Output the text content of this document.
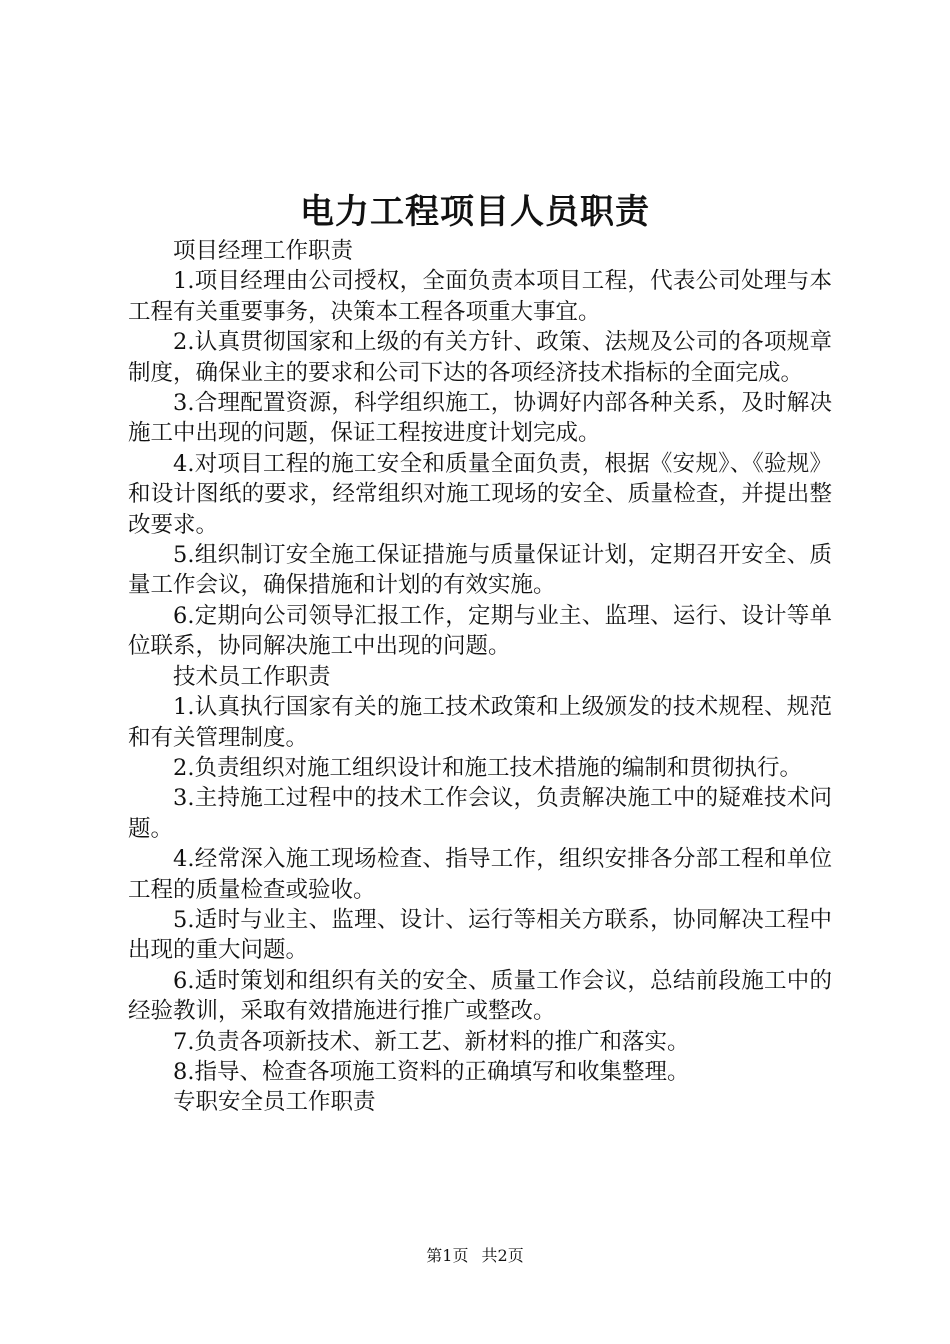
电力工程项目人员职责

项目经理工作职责

1.项目经理由公司授权，全面负责本项目工程，代表公司处理与本工程有关重要事务，决策本工程各项重大事宜。

2.认真贯彻国家和上级的有关方针、政策、法规及公司的各项规章制度，确保业主的要求和公司下达的各项经济技术指标的全面完成。

3.合理配置资源，科学组织施工，协调好内部各种关系，及时解决施工中出现的问题，保证工程按进度计划完成。

4.对项目工程的施工安全和质量全面负责，根据《安规》、《验规》和设计图纸的要求，经常组织对施工现场的安全、质量检查，并提出整改要求。

5.组织制订安全施工保证措施与质量保证计划，定期召开安全、质量工作会议，确保措施和计划的有效实施。

6.定期向公司领导汇报工作，定期与业主、监理、运行、设计等单位联系，协同解决施工中出现的问题。

技术员工作职责

1.认真执行国家有关的施工技术政策和上级颁发的技术规程、规范和有关管理制度。

2.负责组织对施工组织设计和施工技术措施的编制和贯彻执行。

3.主持施工过程中的技术工作会议，负责解决施工中的疑难技术问题。

4.经常深入施工现场检查、指导工作，组织安排各分部工程和单位工程的质量检查或验收。

5.适时与业主、监理、设计、运行等相关方联系，协同解决工程中出现的重大问题。

6.适时策划和组织有关的安全、质量工作会议，总结前段施工中的经验教训，采取有效措施进行推广或整改。

7.负责各项新技术、新工艺、新材料的推广和落实。

8.指导、检查各项施工资料的正确填写和收集整理。

专职安全员工作职责

第1页 共2页
